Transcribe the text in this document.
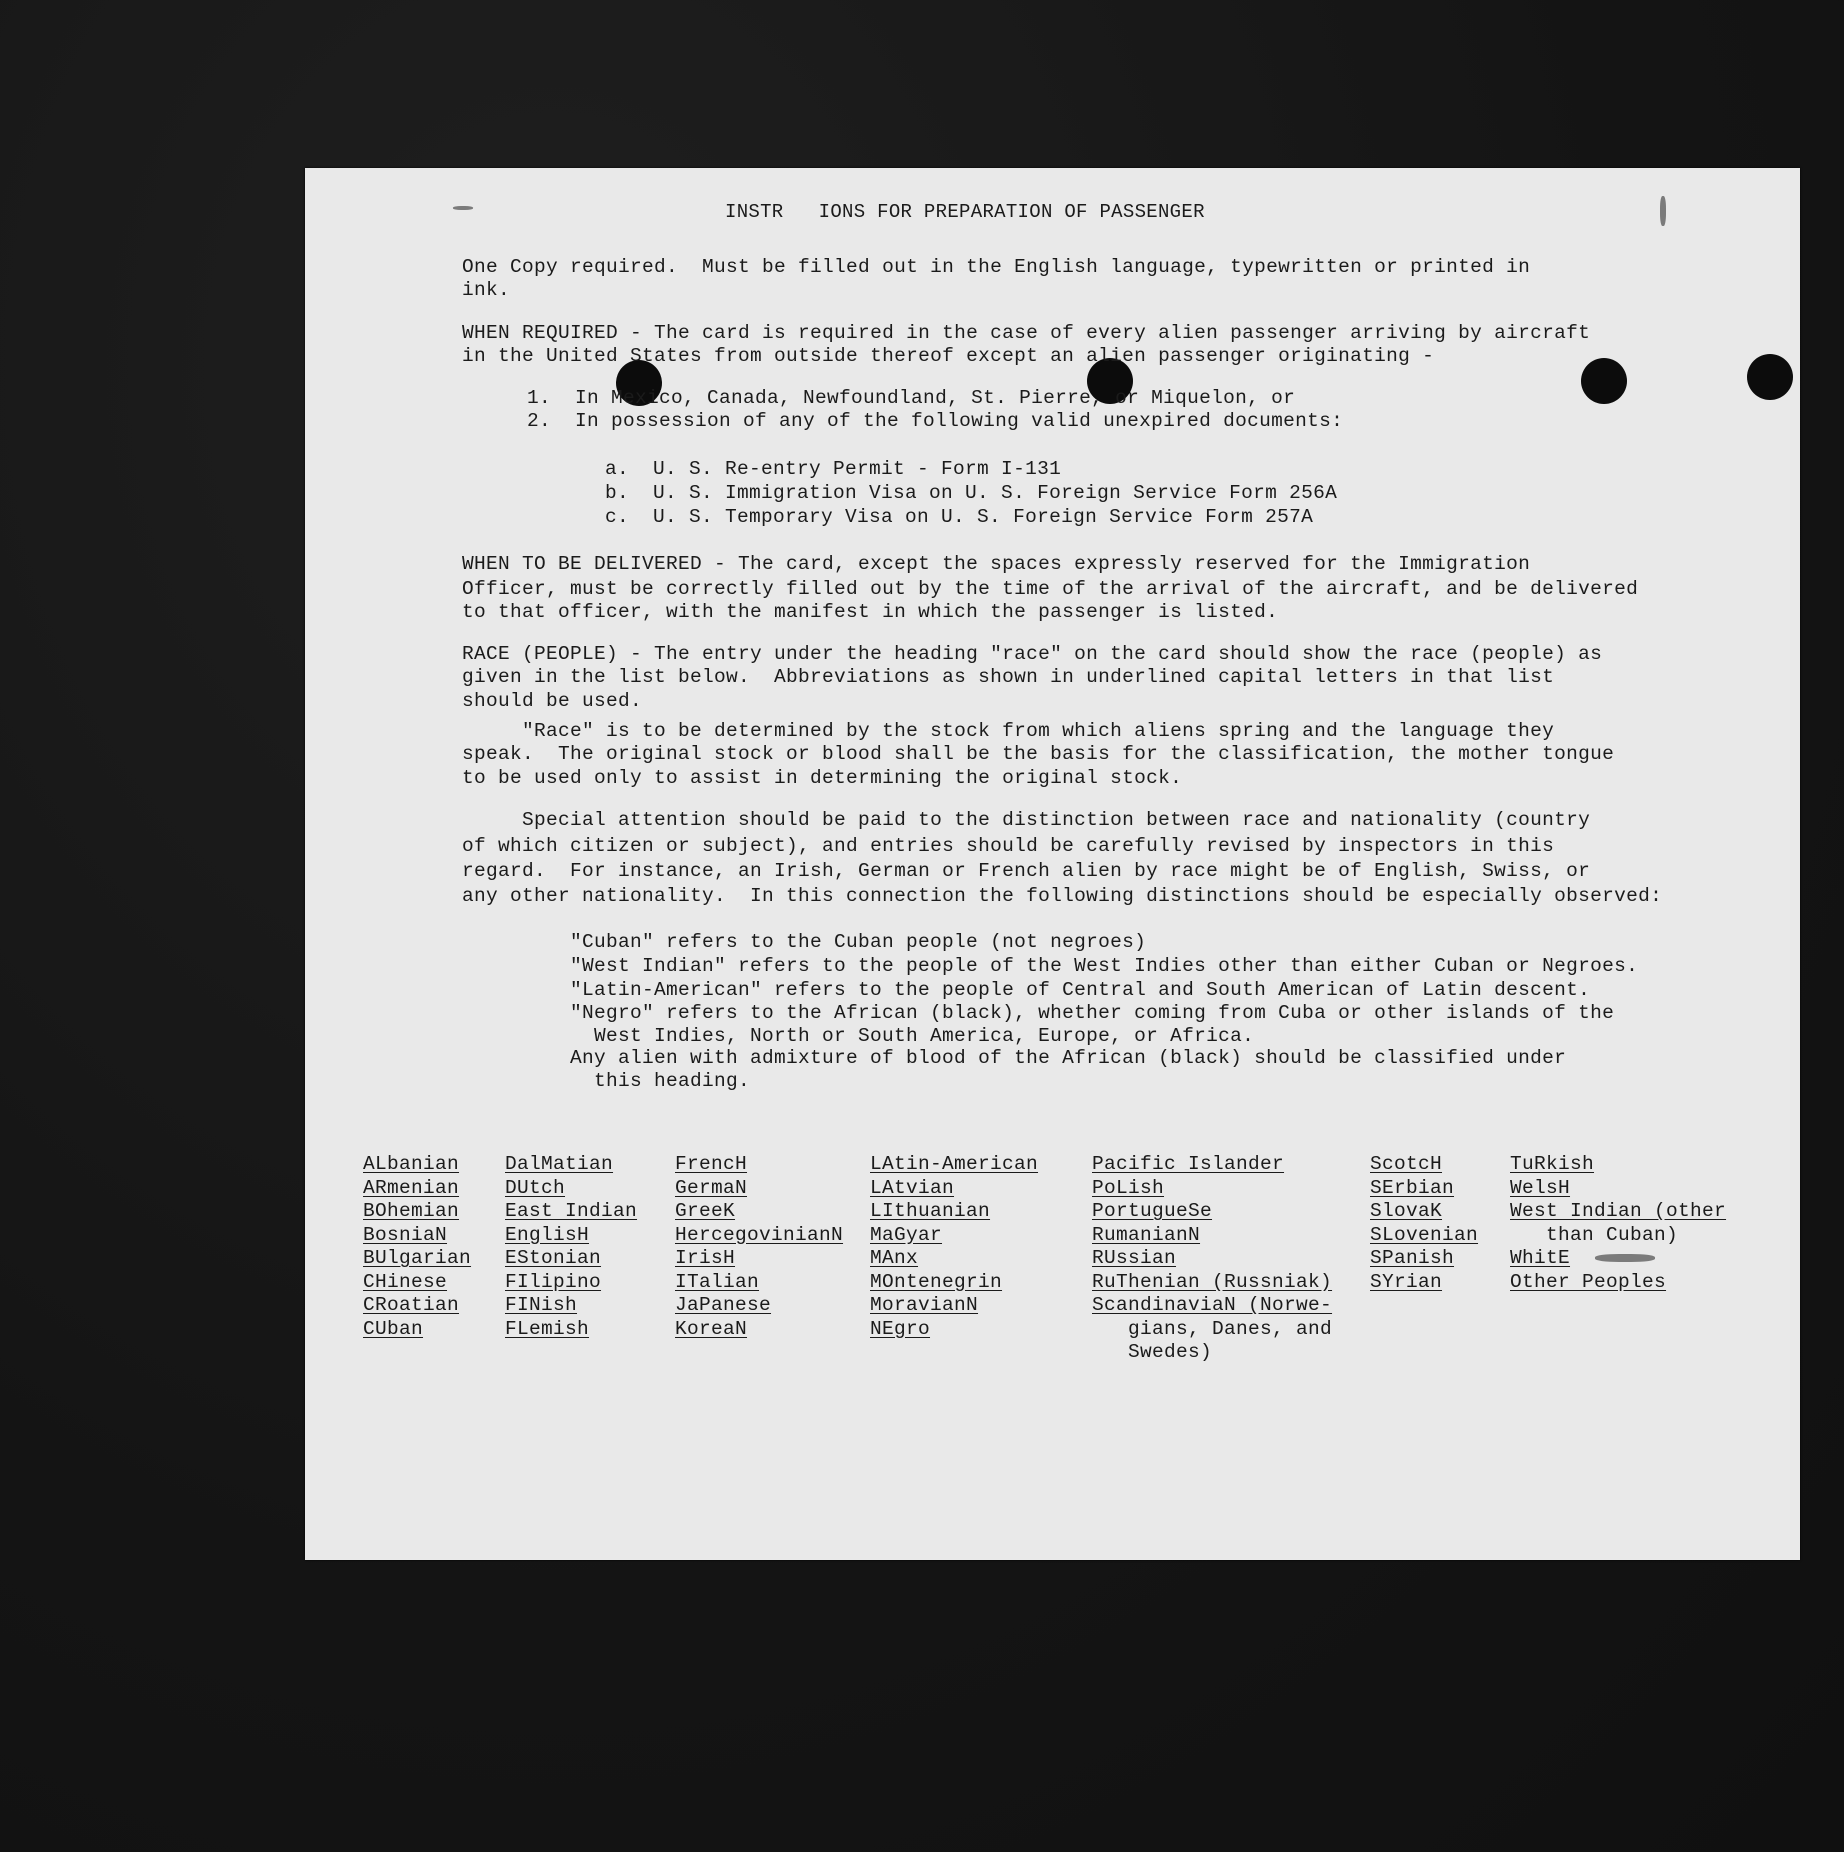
INSTR   IONS FOR PREPARATION OF PASSENGER
One Copy required.  Must be filled out in the English language, typewritten or printed in
ink.
WHEN REQUIRED - The card is required in the case of every alien passenger arriving by aircraft
in the United States from outside thereof except an alien passenger originating -
1.  In Mexico, Canada, Newfoundland, St. Pierre, or Miquelon, or
2.  In possession of any of the following valid unexpired documents:
a.  U. S. Re-entry Permit - Form I-131
b.  U. S. Immigration Visa on U. S. Foreign Service Form 256A
c.  U. S. Temporary Visa on U. S. Foreign Service Form 257A
WHEN TO BE DELIVERED - The card, except the spaces expressly reserved for the Immigration
Officer, must be correctly filled out by the time of the arrival of the aircraft, and be delivered
to that officer, with the manifest in which the passenger is listed.
RACE (PEOPLE) - The entry under the heading "race" on the card should show the race (people) as
given in the list below.  Abbreviations as shown in underlined capital letters in that list
should be used.
"Race" is to be determined by the stock from which aliens spring and the language they
speak.  The original stock or blood shall be the basis for the classification, the mother tongue
to be used only to assist in determining the original stock.
Special attention should be paid to the distinction between race and nationality (country
of which citizen or subject), and entries should be carefully revised by inspectors in this
regard.  For instance, an Irish, German or French alien by race might be of English, Swiss, or
any other nationality.  In this connection the following distinctions should be especially observed:
"Cuban" refers to the Cuban people (not negroes)
"West Indian" refers to the people of the West Indies other than either Cuban or Negroes.
"Latin-American" refers to the people of Central and South American of Latin descent.
"Negro" refers to the African (black), whether coming from Cuba or other islands of the
West Indies, North or South America, Europe, or Africa.
Any alien with admixture of blood of the African (black) should be classified under
this heading.
ALbanian
ARmenian
BOhemian
BosniaN
BUlgarian
CHinese
CRoatian
CUban
DalMatian
DUtch
East Indian
EnglisH
EStonian
FIlipino
FINish
FLemish
FrencH
GermaN
GreeK
HercegovinianN
IrisH
ITalian
JaPanese
KoreaN
LAtin-American
LAtvian
LIthuanian
MaGyar
MAnx
MOntenegrin
MoravianN
NEgro
Pacific Islander
PoLish
PortugueSe
RumanianN
RUssian
RuThenian (Russniak)
ScandinaviaN (Norwe-
gians, Danes, and
Swedes)
ScotcH
SErbian
SlovaK
SLovenian
SPanish
SYrian
TuRkish
WelsH
West Indian (other
than Cuban)
WhitE
Other Peoples
